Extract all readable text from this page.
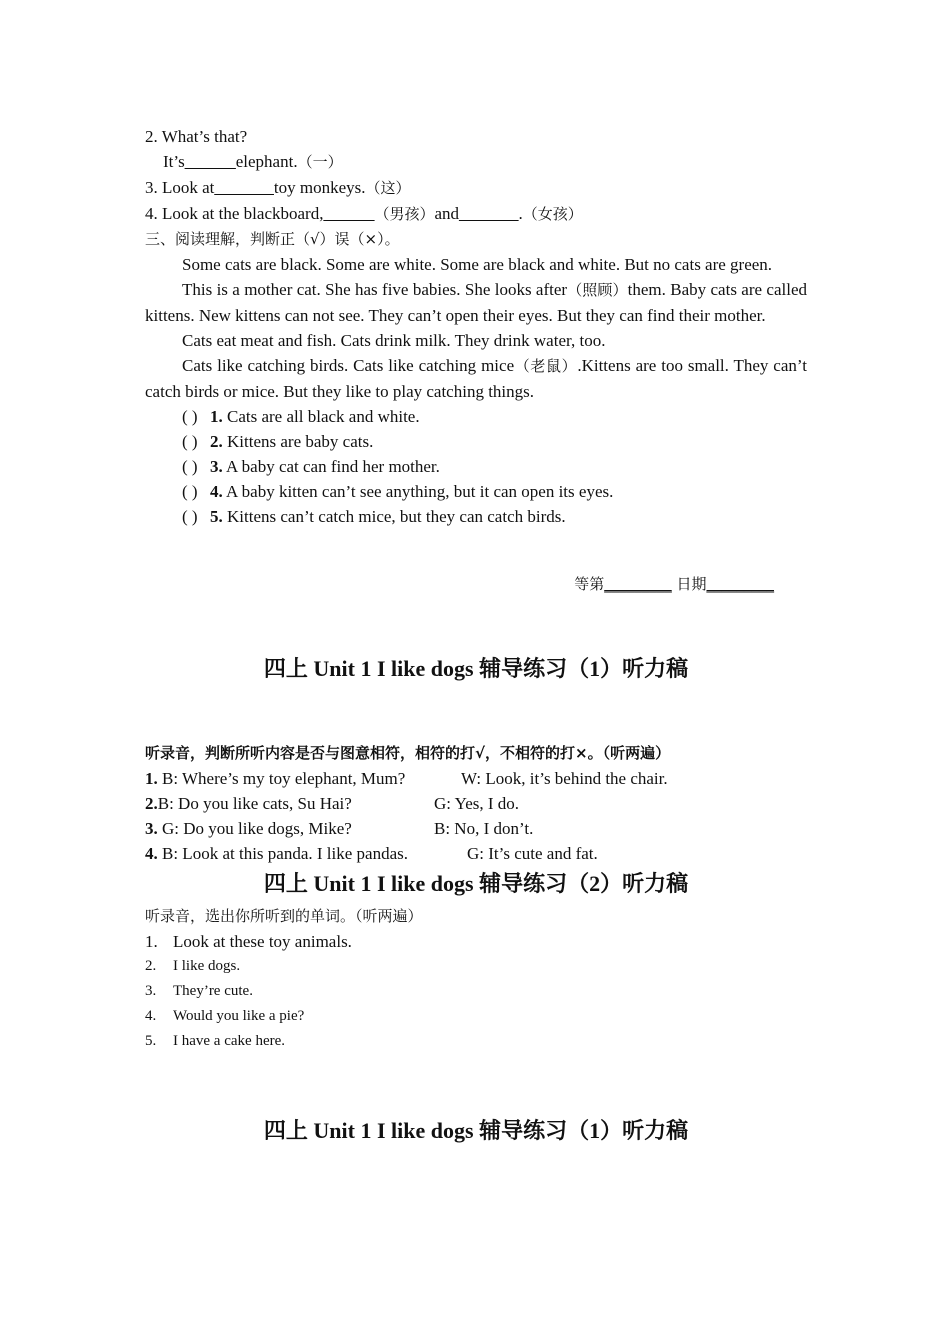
2. What’s that?
It’s______elephant.（一）
3. Look at_______toy monkeys.（这）
4. Look at the blackboard,______（男孩）and_______.（女孩）
三、阅读理解，判断正（√）误（×）。
Some cats are black. Some are white. Some are black and white. But no cats are green.
This is a mother cat. She has five babies. She looks after（照顾）them. Baby cats are called kittens. New kittens can not see. They can’t open their eyes. But they can find their mother.
Cats eat meat and fish. Cats drink milk. They drink water, too.
Cats like catching birds. Cats like catching mice（老鼠）.Kittens are too small. They can’t catch birds or mice. But they like to play catching things.
( ) 1. Cats are all black and white.
( ) 2. Kittens are baby cats.
( ) 3. A baby cat can find her mother.
( ) 4. A baby kitten can’t see anything, but it can open its eyes.
( ) 5. Kittens can’t catch mice, but they can catch birds.
等第_________ 日期_________
四上 Unit 1 I like dogs 辅导练习（1）听力稿
听录音，判断所听内容是否与图意相符，相符的打√，不相符的打×。（听两遍）
1. B: Where’s my toy elephant, Mum?	W: Look, it’s behind the chair.
2.B: Do you like cats, Su Hai?	G: Yes, I do.
3. G: Do you like dogs, Mike?	B: No, I don’t.
4. B: Look at this panda. I like pandas.	G: It’s cute and fat.
四上 Unit 1 I like dogs 辅导练习（2）听力稿
听录音，选出你所听到的单词。（听两遍）
1. Look at these toy animals.
2.	I like dogs.
3.	They’re cute.
4.	Would you like a pie?
5.	I have a cake here.
四上 Unit 1 I like dogs 辅导练习（1）听力稿
